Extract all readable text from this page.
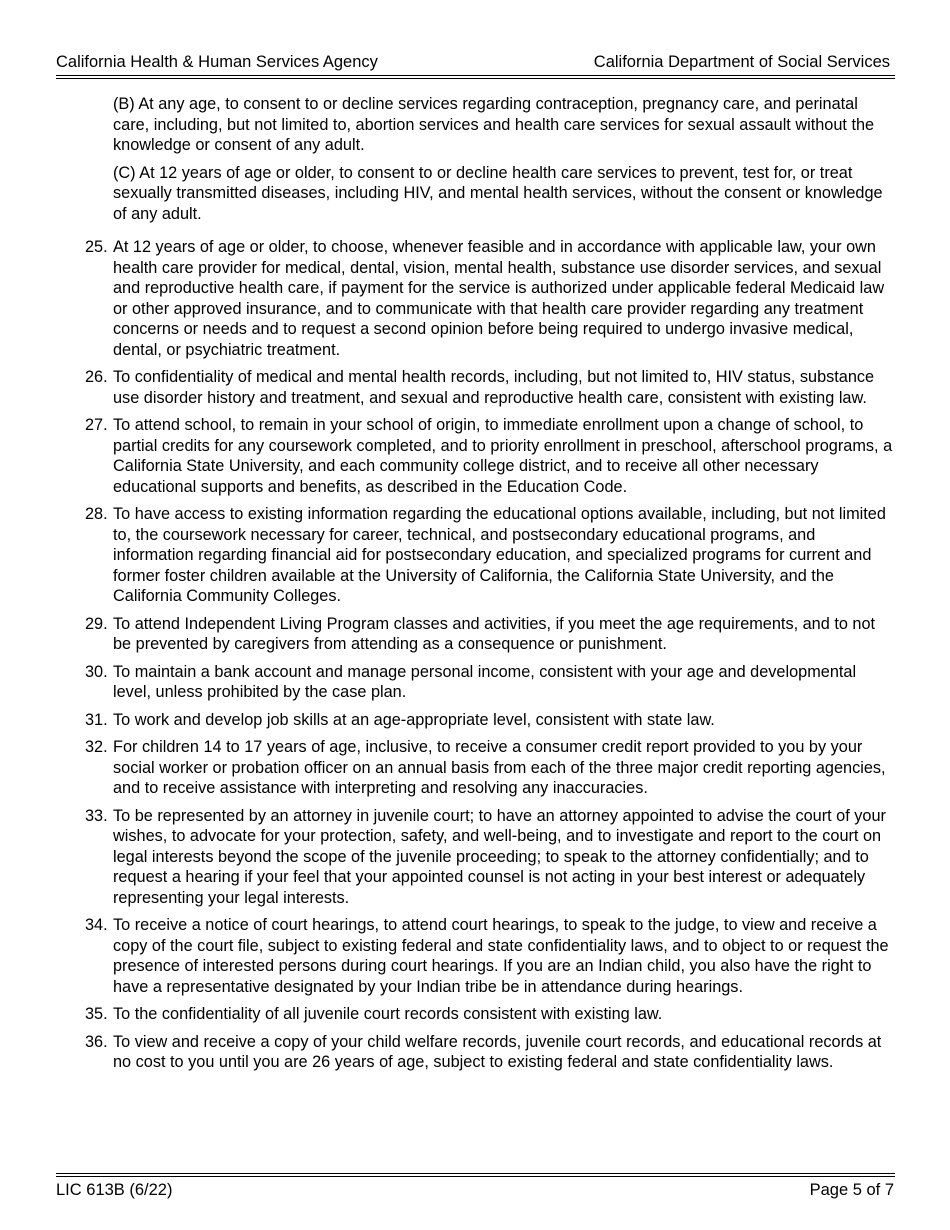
California Health & Human Services Agency	California Department of Social Services
(B) At any age, to consent to or decline services regarding contraception, pregnancy care, and perinatal care, including, but not limited to, abortion services and health care services for sexual assault without the knowledge or consent of any adult.
(C) At 12 years of age or older, to consent to or decline health care services to prevent, test for, or treat sexually transmitted diseases, including HIV, and mental health services, without the consent or knowledge of any adult.
25. At 12 years of age or older, to choose, whenever feasible and in accordance with applicable law, your own health care provider for medical, dental, vision, mental health, substance use disorder services, and sexual and reproductive health care, if payment for the service is authorized under applicable federal Medicaid law or other approved insurance, and to communicate with that health care provider regarding any treatment concerns or needs and to request a second opinion before being required to undergo invasive medical, dental, or psychiatric treatment.
26. To confidentiality of medical and mental health records, including, but not limited to, HIV status, substance use disorder history and treatment, and sexual and reproductive health care, consistent with existing law.
27. To attend school, to remain in your school of origin, to immediate enrollment upon a change of school, to partial credits for any coursework completed, and to priority enrollment in preschool, afterschool programs, a California State University, and each community college district, and to receive all other necessary educational supports and benefits, as described in the Education Code.
28. To have access to existing information regarding the educational options available, including, but not limited to, the coursework necessary for career, technical, and postsecondary educational programs, and information regarding financial aid for postsecondary education, and specialized programs for current and former foster children available at the University of California, the California State University, and the California Community Colleges.
29. To attend Independent Living Program classes and activities, if you meet the age requirements, and to not be prevented by caregivers from attending as a consequence or punishment.
30. To maintain a bank account and manage personal income, consistent with your age and developmental level, unless prohibited by the case plan.
31. To work and develop job skills at an age-appropriate level, consistent with state law.
32. For children 14 to 17 years of age, inclusive, to receive a consumer credit report provided to you by your social worker or probation officer on an annual basis from each of the three major credit reporting agencies, and to receive assistance with interpreting and resolving any inaccuracies.
33. To be represented by an attorney in juvenile court; to have an attorney appointed to advise the court of your wishes, to advocate for your protection, safety, and well-being, and to investigate and report to the court on legal interests beyond the scope of the juvenile proceeding; to speak to the attorney confidentially; and to request a hearing if your feel that your appointed counsel is not acting in your best interest or adequately representing your legal interests.
34. To receive a notice of court hearings, to attend court hearings, to speak to the judge, to view and receive a copy of the court file, subject to existing federal and state confidentiality laws, and to object to or request the presence of interested persons during court hearings. If you are an Indian child, you also have the right to have a representative designated by your Indian tribe be in attendance during hearings.
35. To the confidentiality of all juvenile court records consistent with existing law.
36. To view and receive a copy of your child welfare records, juvenile court records, and educational records at no cost to you until you are 26 years of age, subject to existing federal and state confidentiality laws.
LIC 613B (6/22)	Page 5 of 7
